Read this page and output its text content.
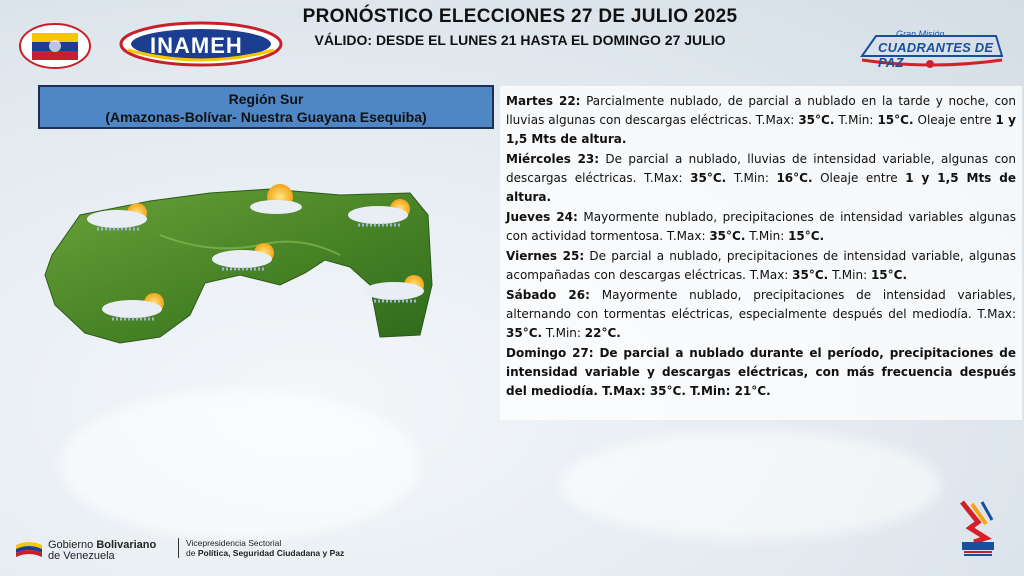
INAMEH
PRONÓSTICO ELECCIONES 27 DE JULIO 2025
VÁLIDO: DESDE EL LUNES 21 HASTA EL DOMINGO 27 JULIO	Gran Misión
CUADRANTES DE PAZ
Región Sur
(Amazonas-Bolívar- Nuestra Guayana Esequiba)

Martes 22: Parcialmente nublado, de parcial a nublado en la tarde y noche, con lluvias algunas con descargas eléctricas. T.Max: 35°C. T.Min: 15°C. Oleaje entre 1 y 1,5 Mts de altura.

Miércoles 23: De parcial a nublado, lluvias de intensidad variable, algunas con descargas eléctricas. T.Max: 35°C. T.Min: 16°C. Oleaje entre 1 y 1,5 Mts de altura.

Jueves 24: Mayormente nublado, precipitaciones de intensidad variables algunas con actividad tormentosa. T.Max: 35°C. T.Min: 15°C.

Viernes 25: De parcial a nublado, precipitaciones de intensidad variable, algunas acompañadas con descargas eléctricas. T.Max: 35°C. T.Min: 15°C.

Sábado 26: Mayormente nublado, precipitaciones de intensidad variables, alternando con tormentas eléctricas, especialmente después del mediodía. T.Max: 35°C. T.Min: 22°C.

Domingo 27: De parcial a nublado durante el período, precipitaciones de intensidad variable y descargas eléctricas, con más frecuencia después del mediodía. T.Max: 35°C. T.Min: 21°C.

Gobierno Bolivariano
de Venezuela
Vicepresidencia Sectorial
de Política, Seguridad Ciudadana y Paz
